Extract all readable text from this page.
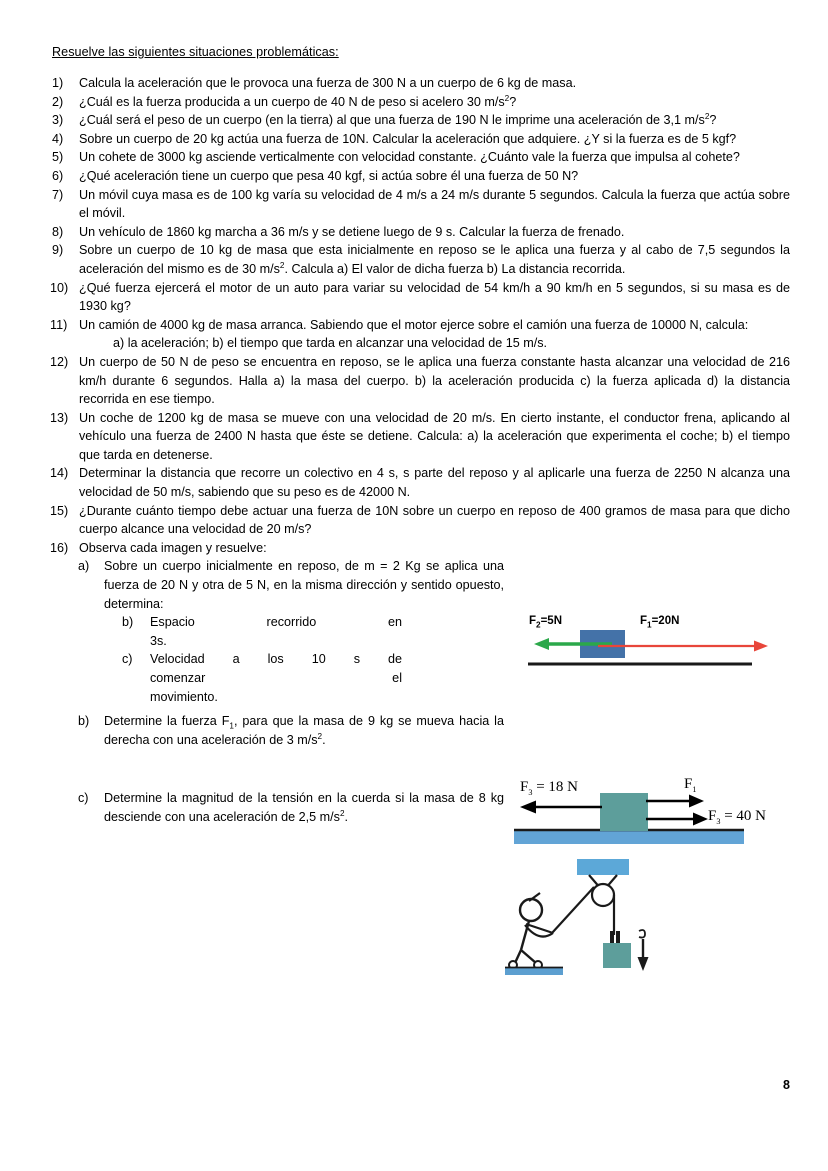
Resuelve las siguientes situaciones problemáticas:
1)	Calcula la aceleración que le provoca una fuerza de 300 N a un cuerpo de 6 kg de masa.
2)	¿Cuál es la fuerza producida a un cuerpo de 40 N de peso si acelero 30 $m/s^2$?
3)	¿Cuál será el peso de un cuerpo (en la tierra) al que una fuerza de 190 N le imprime una aceleración de 3,1 $m/s^2$?
4)	Sobre un cuerpo de 20 kg actúa una fuerza de 10N. Calcular la aceleración que adquiere. ¿Y si la fuerza es de 5 kgf?
5)	Un cohete de 3000 kg asciende verticalmente con velocidad constante. ¿Cuánto vale la fuerza que impulsa al cohete?
6)	¿Qué aceleración tiene un cuerpo que pesa 40 kgf, si actúa sobre él una fuerza de 50 N?
7)	Un móvil cuya masa es de 100 kg varía su velocidad de 4 m/s a 24 m/s durante 5 segundos. Calcula la fuerza que actúa sobre el móvil.
8)	Un vehículo de 1860 kg marcha a 36 m/s y se detiene luego de 9 s. Calcular la fuerza de frenado.
9)	Sobre un cuerpo de 10 kg de masa que esta inicialmente en reposo se le aplica una fuerza y al cabo de 7,5 segundos la aceleración del mismo es de 30 $m/s^2$. Calcula a) El valor de dicha fuerza b) La distancia recorrida.
10) ¿Qué fuerza ejercerá el motor de un auto para variar su velocidad de 54 km/h a 90 km/h en 5 segundos, si su masa es de 1930 kg?
11) Un camión de 4000 kg de masa arranca. Sabiendo que el motor ejerce sobre el camión una fuerza de 10000 N, calcula:
a) la aceleración; b) el tiempo que tarda en alcanzar una velocidad de 15 m/s.
12) Un cuerpo de 50 N de peso se encuentra en reposo, se le aplica una fuerza constante hasta alcanzar una velocidad de 216 km/h durante 6 segundos. Halla a) la masa del cuerpo. b) la aceleración producida c) la fuerza aplicada d) la distancia recorrida en ese tiempo.
13) Un coche de 1200 kg de masa se mueve con una velocidad de 20 m/s. En cierto instante, el conductor frena, aplicando al vehículo una fuerza de 2400 N hasta que éste se detiene. Calcula: a) la aceleración que experimenta el coche; b) el tiempo que tarda en detenerse.
14) Determinar la distancia que recorre un colectivo en 4 s, s parte del reposo y al aplicarle una fuerza de 2250 N alcanza una velocidad de 50 m/s, sabiendo que su peso es de 42000 N.
15) ¿Durante cuánto tiempo debe actuar una fuerza de 10N sobre un cuerpo en reposo de 400 gramos de masa para que dicho cuerpo alcance una velocidad de 20 m/s?
16) Observa cada imagen y resuelve:
a) Sobre un cuerpo inicialmente en reposo, de m = 2 Kg se aplica una fuerza de 20 N y otra de 5 N, en la misma dirección y sentido opuesto, determina:
b) Espacio recorrido en
3s.
c) Velocidad a los 10 s de
comenzar el
movimiento.
b) Determine la fuerza $F_1$, para que la masa de 9 kg se mueva hacia la derecha con una aceleración de 3 $m/s^2$.
c) Determine la magnitud de la tensión en la cuerda si la masa de 8 kg desciende con una aceleración de 2,5 $m/s^2$.
$F_2=5N$	$F_1=20N$
$F_3 = 18$ N	$F_1$
$F_3 = 40$ N
8
